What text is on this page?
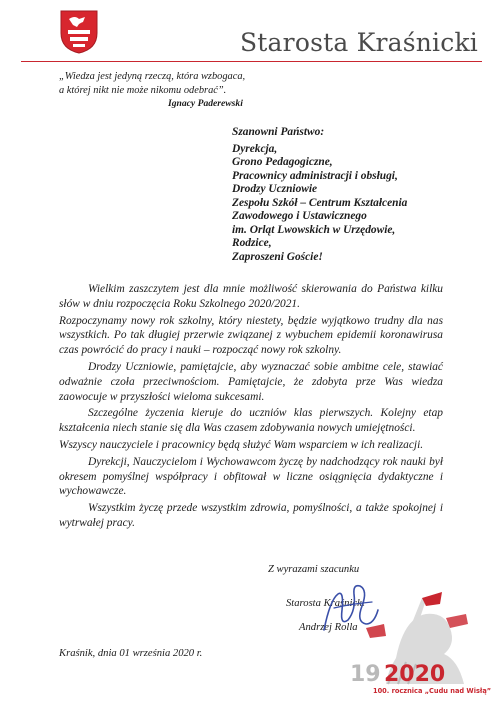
Starosta Kraśnicki
„Wiedza jest jedyną rzeczą, która wzbogaca,
a której nikt nie może nikomu odebrać”.
Ignacy Paderewski
Szanowni Państwo:
Dyrekcja,
Grono Pedagogiczne,
Pracownicy administracji i obsługi,
Drodzy Uczniowie
Zespołu Szkół – Centrum Kształcenia
Zawodowego i Ustawicznego
im. Orląt Lwowskich w Urzędowie,
Rodzice,
Zaproszeni Goście!

Wielkim zaszczytem jest dla mnie możliwość skierowania do Państwa kilku słów w dniu rozpoczęcia Roku Szkolnego 2020/2021.

Rozpoczynamy nowy rok szkolny, który niestety, będzie wyjątkowo trudny dla nas wszystkich. Po tak długiej przerwie związanej z wybuchem epidemii koronawirusa czas powrócić do pracy i nauki – rozpocząć nowy rok szkolny.

Drodzy Uczniowie, pamiętajcie, aby wyznaczać sobie ambitne cele, stawiać odważnie czoła przeciwnościom. Pamiętajcie, że zdobyta prze Was wiedza zaowocuje w przyszłości wieloma sukcesami.

Szczególne życzenia kieruje do uczniów klas pierwszych. Kolejny etap kształcenia niech stanie się dla Was czasem zdobywania nowych umiejętności.

Wszyscy nauczyciele i pracownicy będą służyć Wam wsparciem w ich realizacji.

Dyrekcji, Nauczycielom i Wychowawcom życzę by nadchodzący rok nauki był okresem pomyślnej współpracy i obfitował w liczne osiągnięcia dydaktyczne i wychowawcze.

Wszystkim życzę przede wszystkim zdrowia, pomyślności, a także spokojnej i wytrwałej pracy.

Z wyrazami szacunku
19 2020
100. rocznica „Cudu nad Wisłą”
Starosta Kraśnicki
Andrzej Rolla
Kraśnik, dnia 01 września 2020 r.
